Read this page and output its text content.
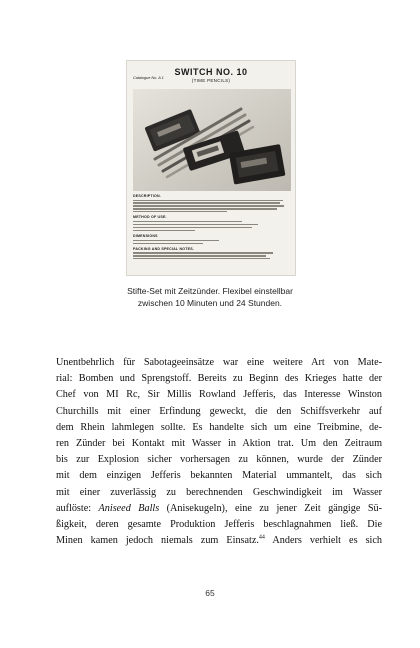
SWITCH NO. 10
(TIME PENCILS)
Catalogue No. A 1
DESCRIPTION.
METHOD OF USE.
DIMENSIONS
PACKING AND SPECIAL NOTES.
Stifte-Set mit Zeitzünder. Flexibel einstellbar
zwischen 10 Minuten und 24 Stunden.
Unentbehrlich für Sabotageeinsätze war eine weitere Art von Mate-
rial: Bomben und Sprengstoff. Bereits zu Beginn des Krieges hatte der
Chef von MI Rc, Sir Millis Rowland Jefferis, das Interesse Winston
Churchills mit einer Erfindung geweckt, die den Schiffsverkehr auf
dem Rhein lahmlegen sollte. Es handelte sich um eine Treibmine, de-
ren Zünder bei Kontakt mit Wasser in Aktion trat. Um den Zeitraum
bis zur Explosion sicher vorhersagen zu können, wurde der Zünder
mit dem einzigen Jefferis bekannten Material ummantelt, das sich
mit einer zuverlässig zu berechnenden Geschwindigkeit im Wasser
auflöste: Aniseed Balls (Anisekugeln), eine zu jener Zeit gängige Sü-
ßigkeit, deren gesamte Produktion Jefferis beschlagnahmen ließ. Die
Minen kamen jedoch niemals zum Einsatz.$^{44}$ Anders verhielt es sich
65
